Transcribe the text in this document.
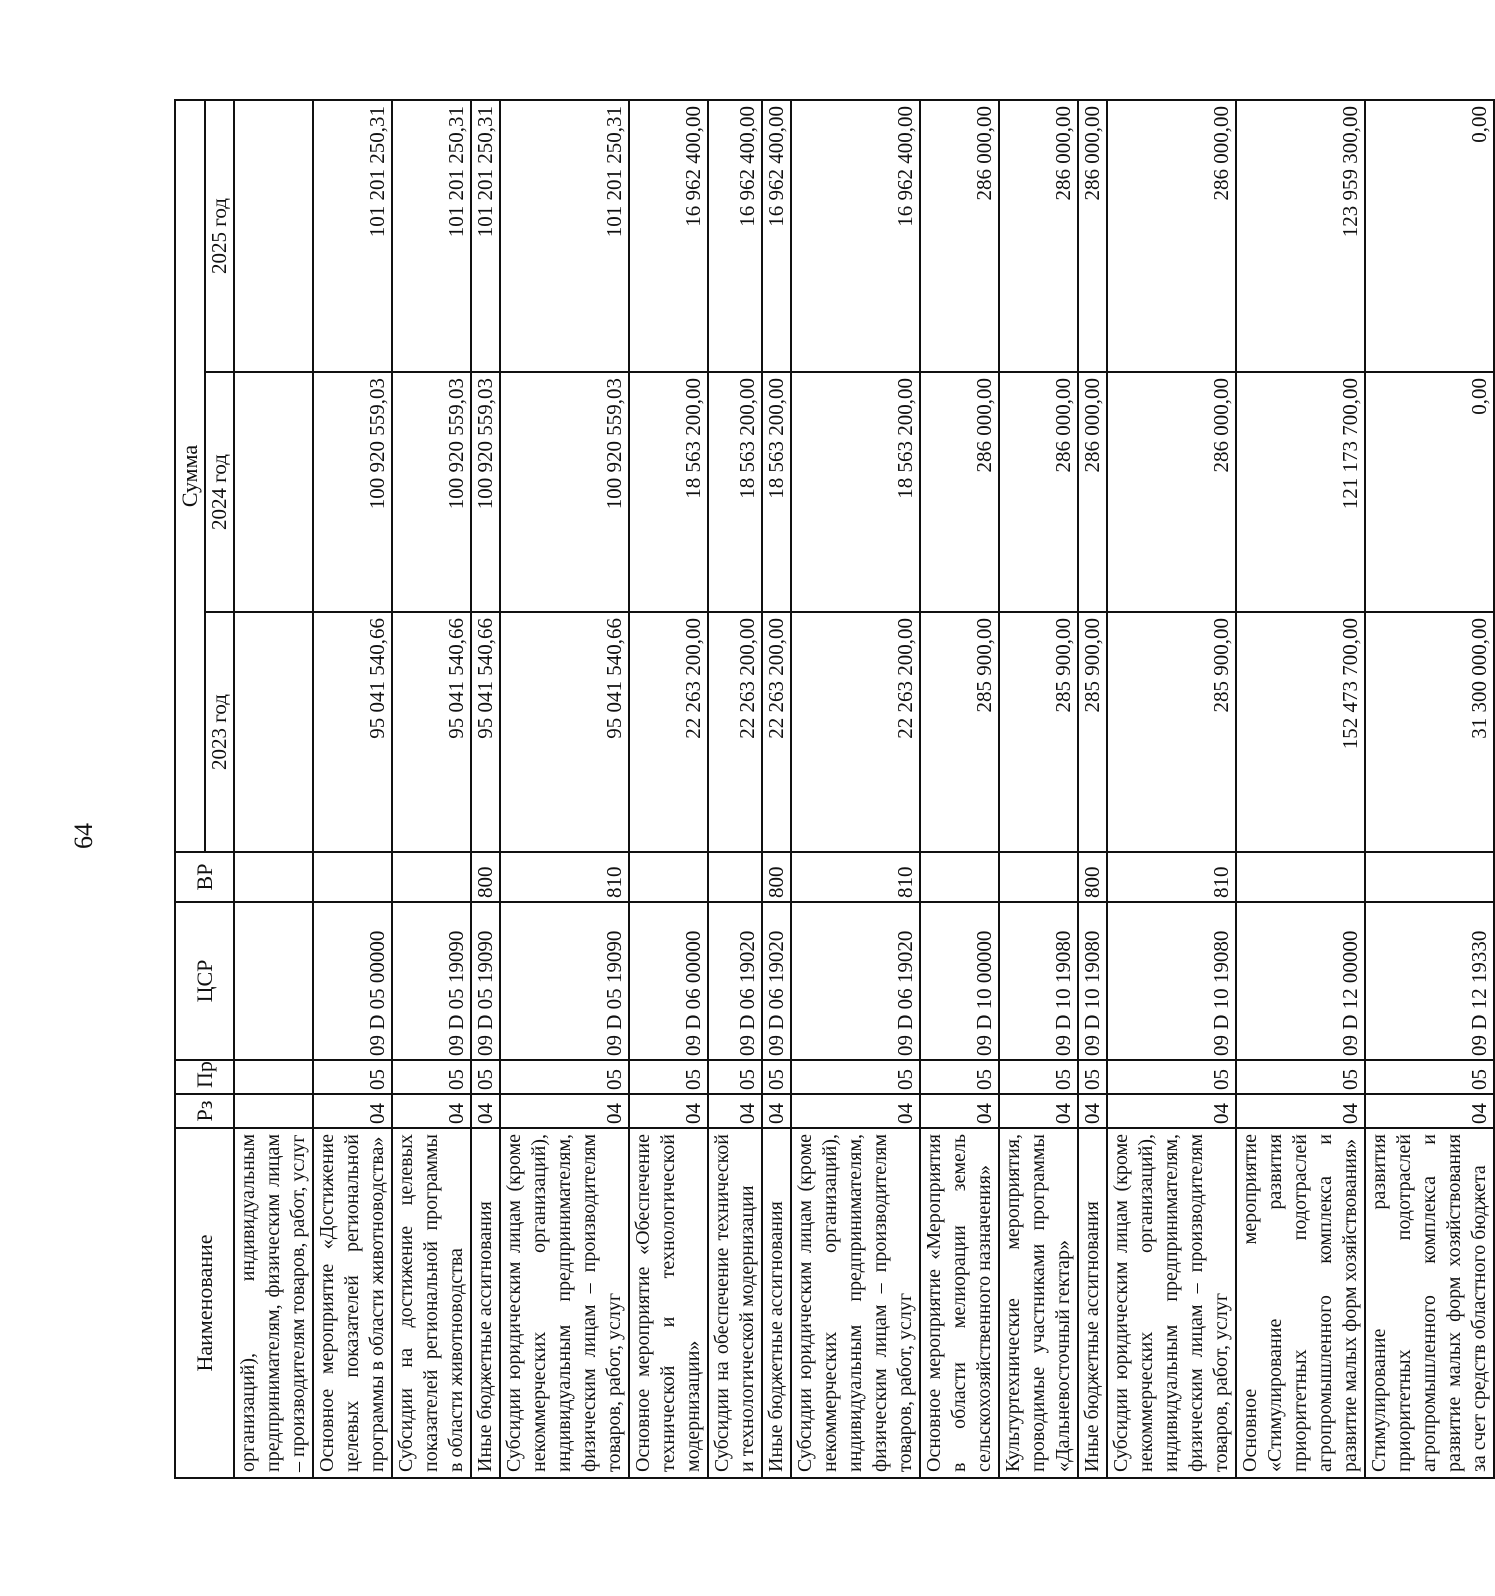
64
Наименование	Рз	Пр	ЦСР	ВР	Сумма		
					2023 год	2024 год	2025 год
организаций), индивидуальным предпринимателям, физическим лицам – производителям товаров, работ, услуг							
Основное мероприятие «Достижение целевых показателей региональной программы в области животноводства»	04	05	09 D 05 00000		95 041 540,66	100 920 559,03	101 201 250,31
Субсидии на достижение целевых показателей региональной программы в области животноводства	04	05	09 D 05 19090		95 041 540,66	100 920 559,03	101 201 250,31
Иные бюджетные ассигнования	04	05	09 D 05 19090	800	95 041 540,66	100 920 559,03	101 201 250,31
Субсидии юридическим лицам (кроме некоммерческих организаций), индивидуальным предпринимателям, физическим лицам – производителям товаров, работ, услуг	04	05	09 D 05 19090	810	95 041 540,66	100 920 559,03	101 201 250,31
Основное мероприятие «Обеспечение технической и технологической модернизации»	04	05	09 D 06 00000		22 263 200,00	18 563 200,00	16 962 400,00
Субсидии на обеспечение технической и технологической модернизации	04	05	09 D 06 19020		22 263 200,00	18 563 200,00	16 962 400,00
Иные бюджетные ассигнования	04	05	09 D 06 19020	800	22 263 200,00	18 563 200,00	16 962 400,00
Субсидии юридическим лицам (кроме некоммерческих организаций), индивидуальным предпринимателям, физическим лицам – производителям товаров, работ, услуг	04	05	09 D 06 19020	810	22 263 200,00	18 563 200,00	16 962 400,00
Основное мероприятие «Мероприятия в области мелиорации земель сельскохозяйственного назначения»	04	05	09 D 10 00000		285 900,00	286 000,00	286 000,00
Культуртехнические мероприятия, проводимые участниками программы «Дальневосточный гектар»	04	05	09 D 10 19080		285 900,00	286 000,00	286 000,00
Иные бюджетные ассигнования	04	05	09 D 10 19080	800	285 900,00	286 000,00	286 000,00
Субсидии юридическим лицам (кроме некоммерческих организаций), индивидуальным предпринимателям, физическим лицам – производителям товаров, работ, услуг	04	05	09 D 10 19080	810	285 900,00	286 000,00	286 000,00
Основное мероприятие «Стимулирование развития приоритетных подотраслей агропромышленного комплекса и развитие малых форм хозяйствования»	04	05	09 D 12 00000		152 473 700,00	121 173 700,00	123 959 300,00
Стимулирование развития приоритетных подотраслей агропромышленного комплекса и развитие малых форм хозяйствования за счет средств областного бюджета	04	05	09 D 12 19330		31 300 000,00	0,00	0,00
